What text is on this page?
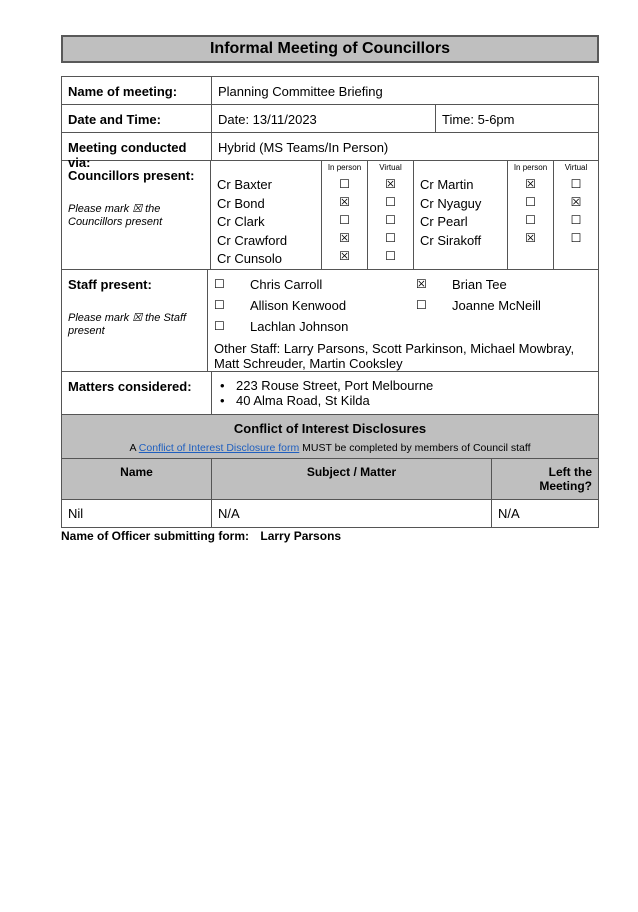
Informal Meeting of Councillors
Name of meeting:	Planning Committee Briefing
Date and Time:	Date: 13/11/2023	Time: 5-6pm
Meeting conducted via:
Hybrid (MS Teams/In Person)
Councillors present:
Please mark ☒ the Councillors present
Cr Baxter
Cr Bond
Cr Clark
Cr Crawford
Cr Cunsolo
In person
☐
☒
☐
☒
☒
Virtual
☒
☐
☐
☐
☐
Cr Martin
Cr Nyaguy
Cr Pearl
Cr Sirakoff
In person
☒
☐
☐
☒
Virtual
☐
☒
☐
☐
Staff present:
Please mark ☒ the Staff present
☐	Chris Carroll	☒	Brian Tee
☐	Allison Kenwood	☐	Joanne McNeill
☐	Lachlan Johnson
Other Staff: Larry Parsons, Scott Parkinson, Michael Mowbray, Matt Schreuder, Martin Cooksley
Matters considered:
•	223 Rouse Street, Port Melbourne
• 40 Alma Road, St Kilda
Conflict of Interest Disclosures
A Conflict of Interest Disclosure form MUST be completed by members of Council staff
Name	Subject / Matter	Left the Meeting?
Nil	N/A	N/A
Name of Officer submitting form: Larry Parsons
